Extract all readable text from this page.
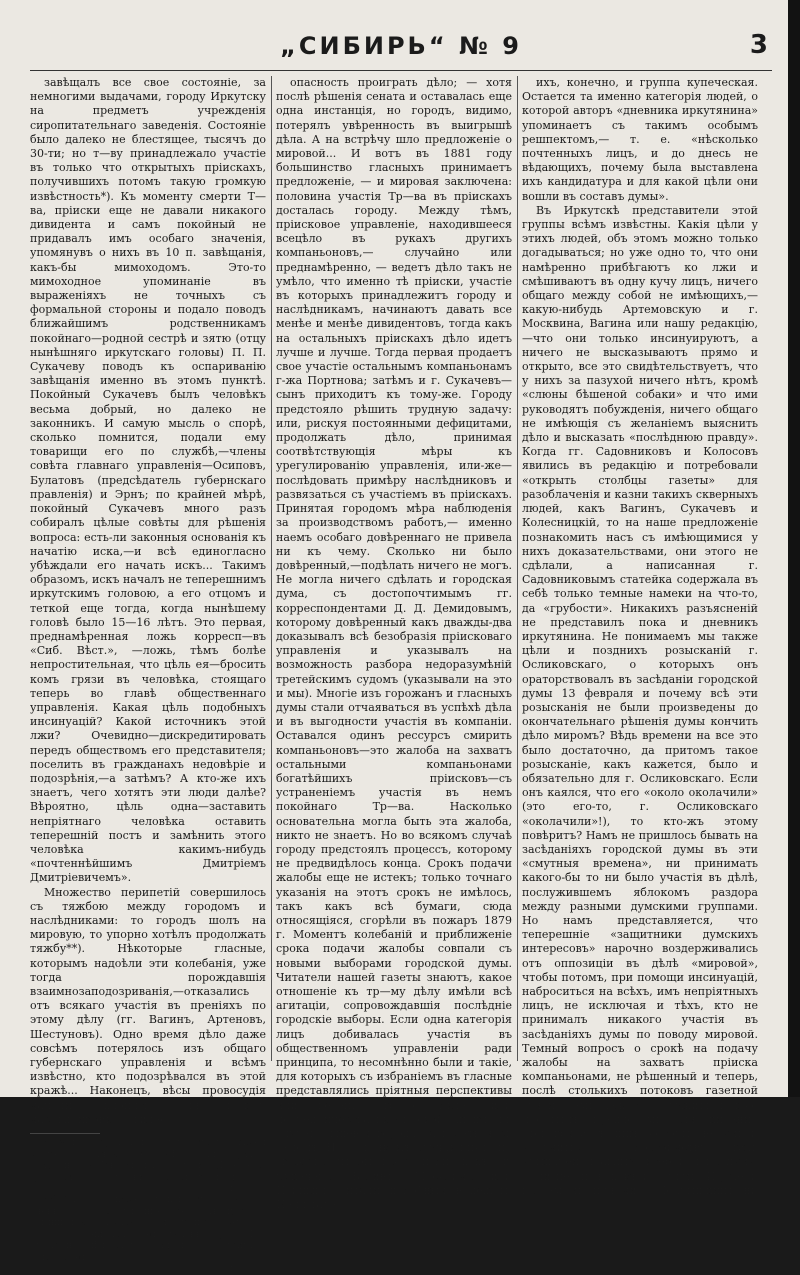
„СИБИРЬ“ № 9	3

завѣщалъ все свое состояніе, за немногими выдачами, городу Иркутску на предметъ учрежденія сиропитательнаго заведенія. Состояніе было далеко не блестящее, тысячъ до 30-ти; но т—ву принадлежало участіе въ только что открытыхъ пріискахъ, получившихъ потомъ такую громкую извѣстность*). Къ моменту смерти Т—ва, пріиски еще не давали никакого дивидента и самъ покойный не придавалъ имъ особаго значенія, упомянувъ о нихъ въ 10 п. завѣщанія, какъ-бы мимоходомъ. Это-то мимоходное упоминаніе въ выраженіяхъ не точныхъ съ формальной стороны и подало поводъ ближайшимъ родственникамъ покойнаго—родной сестрѣ и зятю (отцу нынѣшняго иркутскаго головы) П. П. Сукачеву поводъ къ оспариванію завѣщанія именно въ этомъ пунктѣ. Покойный Сукачевъ былъ человѣкъ весьма добрый, но далеко не законникъ. И самую мысль о спорѣ, сколько помнится, подали ему товарищи его по службѣ,—члены совѣта главнаго управленія—Осиповъ, Булатовъ (предсѣдатель губернскаго правленія) и Эрнъ; по крайней мѣрѣ, покойный Сукачевъ много разъ собиралъ цѣлые совѣты для рѣшенія вопроса: есть-ли законныя основанія къ начатію иска,—и всѣ единогласно убѣждали его начать искъ... Такимъ образомъ, искъ началъ не теперешнимъ иркутскимъ головою, а его отцомъ и теткой еще тогда, когда нынѣшему головѣ было 15—16 лѣтъ. Это первая, преднамѣренная ложь корресп—въ «Сиб. Вѣст.», —ложь, тѣмъ болѣе непростительная, что цѣль ея—бросить комъ грязи въ человѣка, стоящаго теперь во главѣ общественнаго управленія. Какая цѣль подобныхъ инсинуацій? Какой источникъ этой лжи? Очевидно—дискредитировать передъ обществомъ его представителя; поселить въ гражданахъ недовѣріе и подозрѣнія,—а затѣмъ? А кто-же ихъ знаетъ, чего хотятъ эти люди далѣе? Вѣроятно, цѣль одна—заставить непріятнаго человѣка оставить теперешній постъ и замѣнить этого человѣка какимъ-нибудь «почтеннѣйшимъ Дмитріемъ Дмитріевичемъ».

Множество перипетій совершилось съ тяжбою между городомъ и наслѣдниками: то городъ шолъ на мировую, то упорно хотѣлъ продолжать тяжбу**). Нѣкоторые гласные, которымъ надоѣли эти колебанія, уже тогда порождавшія взаимнозаподозриванія,—отказались отъ всякаго участія въ преніяхъ по этому дѣлу (гг. Вагинъ, Артеновъ, Шестуновъ). Одно время дѣло даже совсѣмъ потерялось изъ общаго губернскаго управленія и всѣмъ извѣстно, кто подозрѣвался въ этой кражѣ... Наконецъ, вѣсы провосудія начали склоняться въ пользу наслѣдниковъ,—явилась

*) Мы не ручаемся за точность изложенія частностей дѣла, не имѣя подъ руками документовъ. Мы слышали, что въ „Изв. вор. думы“ скоро появится вся исторія тр—го дѣла.

Ред.

**) За продолженіе тяжбы стояли многіе очень почтенные гласные прежнихъ думъ,—и мы никогда не думали осуждать ихъ за это—ни въ печати, ни какъ сами гласные думы. Мы отводъ не смѣшивали убѣжденія съ «интригами и происками».

Ред.

опасность проиграть дѣло; — хотя послѣ рѣшенія сената и оставалась еще одна инстанція, но городъ, видимо, потерялъ увѣренность въ выигрышѣ дѣла. А на встрѣчу шло предложеніе о мировой... И вотъ въ 1881 году большинство гласныхъ принимаетъ предложеніе, — и мировая заключена: половина участія Тр—ва въ пріискахъ досталась городу. Между тѣмъ, пріисковое управленіе, находившееся всецѣло въ рукахъ другихъ компаньоновъ,— случайно или преднамѣренно, — ведетъ дѣло такъ не умѣло, что именно тѣ пріиски, участіе въ которыхъ принадлежитъ городу и наслѣдникамъ, начинаютъ давать все менѣе и менѣе дивидентовъ, тогда какъ на остальныхъ пріискахъ дѣло идетъ лучше и лучше. Тогда первая продаетъ свое участіе остальнымъ компаньонамъ г-жа Портнова; затѣмъ и г. Сукачевъ—сынъ приходитъ къ тому-же. Городу предстояло рѣшить трудную задачу: или, рискуя постоянными дефицитами, продолжать дѣло, принимая соотвѣтствующія мѣры къ урегулированію управленія, или-же—послѣдовать примѣру наслѣдниковъ и развязаться съ участіемъ въ пріискахъ. Принятая городомъ мѣра наблюденія за производствомъ работъ,— именно наемъ особаго довѣреннаго не привела ни къ чему. Сколько ни было довѣренный,—подѣлать ничего не могъ. Не могла ничего сдѣлать и городская дума, съ достопочтимымъ гг. корреспондентами Д. Д. Демидовымъ, которому довѣренный какъ дважды-два доказывалъ всѣ безобразія пріисковаго управленія и указывалъ на возможность разбора недоразумѣній третейскимъ судомъ (указывали на это и мы). Многіе изъ горожанъ и гласныхъ думы стали отчаяваться въ успѣхѣ дѣла и въ выгодности участія въ компаніи. Оставался одинъ рессурсъ смирить компаньоновъ—это жалоба на захватъ остальными компаньонами богатѣйшихъ пріисковъ—съ устраненіемъ участія въ немъ покойнаго Тр—ва. Насколько основательна могла быть эта жалоба, никто не знаетъ. Но во всякомъ случаѣ городу предстоялъ процессъ, которому не предвидѣлось конца. Срокъ подачи жалобы еще не истекъ; только точнаго указанія на этотъ срокъ не имѣлось, такъ какъ всѣ бумаги, сюда относящіяся, сгорѣли въ пожаръ 1879 г. Моментъ колебаній и приближеніе срока подачи жалобы совпали съ новыми выборами городской думы. Читатели нашей газеты знаютъ, какое отношеніе къ тр—му дѣлу имѣли всѣ агитаціи, сопровождавшія послѣдніе городскіе выборы. Если одна категорія лицъ добивалась участія въ общественномъ управленіи ради принципа, то несомнѣнно были и такіе, для которыхъ съ избраніемъ въ гласные представлялись пріятныя перспективы или веденія тр—го дѣла, или посредничества въ мировой сдѣлкѣ, въ случаѣ рѣшенія города развязаться съ дѣломъ. Но во всякомъ случаѣ никто не скажетъ, чтобы такіе люди, какъ гг. Сукачевъ, Вагинъ, Москвинъ или Птицынъ питали подобныя надежды. Не питала

ихъ, конечно, и группа купеческая. Остается та именно категорія людей, о которой авторъ «дневника иркутянина» упоминаетъ съ такимъ особымъ решпектомъ,— т. е. «нѣсколько почтенныхъ лицъ, и до днесь не вѣдающихъ, почему была выставлена ихъ кандидатура и для какой цѣли они вошли въ составъ думы».

Въ Иркутскѣ представители этой группы всѣмъ извѣстны. Какія цѣли у этихъ людей, объ этомъ можно только догадываться; но уже одно то, что они намѣренно прибѣгаютъ ко лжи и смѣшиваютъ въ одну кучу лицъ, ничего общаго между собой не имѣющихъ,—какую-нибудь Артемовскую и г. Москвина, Вагина или нашу редакцію,—что они только инсинуируютъ, а ничего не высказываютъ прямо и открыто, все это свидѣтельствуетъ, что у нихъ за пазухой ничего нѣтъ, кромѣ «слюны бѣшеной собаки» и что ими руководятъ побужденія, ничего общаго не имѣющія съ желаніемъ выяснить дѣло и высказать «послѣднюю правду». Когда гг. Садовниковъ и Колосовъ явились въ редакцію и потребовали «открыть столбцы газеты» для разоблаченія и казни такихъ скверныхъ людей, какъ Вагинъ, Сукачевъ и Колесницкій, то на наше предложеніе познакомить насъ съ имѣющимися у нихъ доказательствами, они этого не сдѣлали, а написанная г. Садовниковымъ статейка содержала въ себѣ только темные намеки на что-то, да «грубости». Никакихъ разъясненій не представилъ пока и дневникъ иркутянина. Не понимаемъ мы также цѣли и позднихъ розысканій г. Осликовскаго, о которыхъ онъ ораторствовалъ въ засѣданіи городской думы 13 февраля и почему всѣ эти розысканія не были произведены до окончательнаго рѣшенія думы кончить дѣло миромъ? Вѣдь времени на все это было достаточно, да притомъ такое розысканіе, какъ кажется, было и обязательно для г. Осликовскаго. Если онъ каялся, что его «около околачили» (это его-то, г. Осликовскаго «околачили»!), то кто-жъ этому повѣритъ? Намъ не пришлось бывать на засѣданіяхъ городской думы въ эти «смутныя времена», ни принимать какого-бы то ни было участія въ дѣлѣ, послужившемъ яблокомъ раздора между разными думскими группами. Но намъ представляется, что теперешніе «защитники думскихъ интересовъ» нарочно воздерживались отъ оппозиціи въ дѣлѣ «мировой», чтобы потомъ, при помощи инсинуацій, наброситься на всѣхъ, имъ непріятныхъ лицъ, не исключая и тѣхъ, кто не принималъ никакого участія въ засѣданіяхъ думы по поводу мировой. Темный вопросъ о срокѣ на подачу жалобы на захватъ пріиска компаньонами, не рѣшенный и теперь, послѣ столькихъ потоковъ газетной грязи, намъ кажется, служитъ только простымъ предлогомъ для кидания этой грязи въ лицъ, которые не умѣли «оцѣнить» по достоинству этихъ «рыцарей правды», втерлися въ думу, сами не зная, какъ и зачѣмъ. И ужели въ самомъ дѣлѣ ни г. Покрышкинъ, ни г.
